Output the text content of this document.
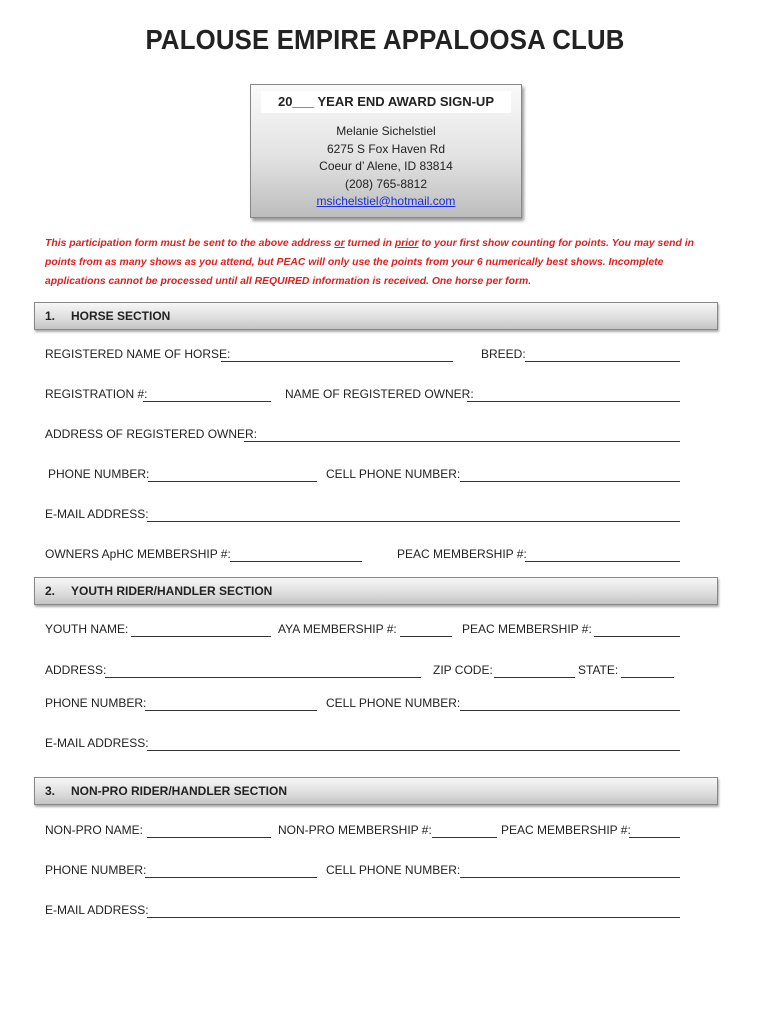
PALOUSE EMPIRE APPALOOSA CLUB
20___ YEAR END AWARD SIGN-UP
Melanie Sichelstiel
6275 S Fox Haven Rd
Coeur d’ Alene, ID 83814
(208) 765-8812
msichelstiel@hotmail.com
This participation form must be sent to the above address or turned in prior to your first show counting for points. You may send in points from as many shows as you attend, but PEAC will only use the points from your 6 numerically best shows. Incomplete applications cannot be processed until all REQUIRED information is received. One horse per form.
1. HORSE SECTION
REGISTERED NAME OF HORSE:	BREED:
REGISTRATION #:	NAME OF REGISTERED OWNER:
ADDRESS OF REGISTERED OWNER:
PHONE NUMBER:	CELL PHONE NUMBER:
E-MAIL ADDRESS:
OWNERS ApHC MEMBERSHIP #:	PEAC MEMBERSHIP #:
2. YOUTH RIDER/HANDLER SECTION
YOUTH NAME:	AYA MEMBERSHIP #:	PEAC MEMBERSHIP #:
ADDRESS:	ZIP CODE:	STATE:
PHONE NUMBER:	CELL PHONE NUMBER:
E-MAIL ADDRESS:
3. NON-PRO RIDER/HANDLER SECTION
NON-PRO NAME:	NON-PRO MEMBERSHIP #:	PEAC MEMBERSHIP #:
PHONE NUMBER:	CELL PHONE NUMBER:
E-MAIL ADDRESS:
